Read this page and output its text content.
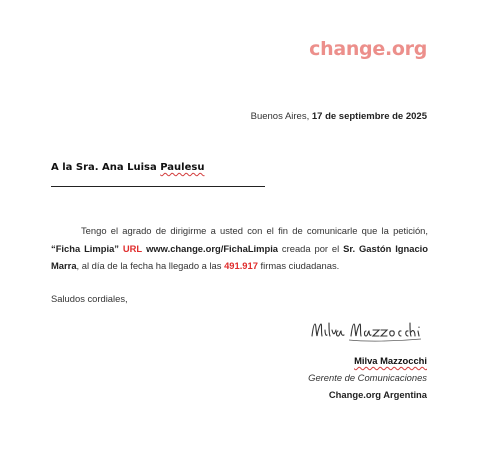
change.org
Buenos Aires, 17 de septiembre de 2025
A la Sra. Ana Luisa Paulesu

Tengo el agrado de dirigirme a usted con el fin de comunicarle que la petición, “Ficha Limpia” URL www.change.org/FichaLimpia creada por el Sr. Gastón Ignacio Marra, al día de la fecha ha llegado a las 491.917 firmas ciudadanas.

Saludos cordiales,
Milva Mazzocchi
Gerente de Comunicaciones
Change.org Argentina
